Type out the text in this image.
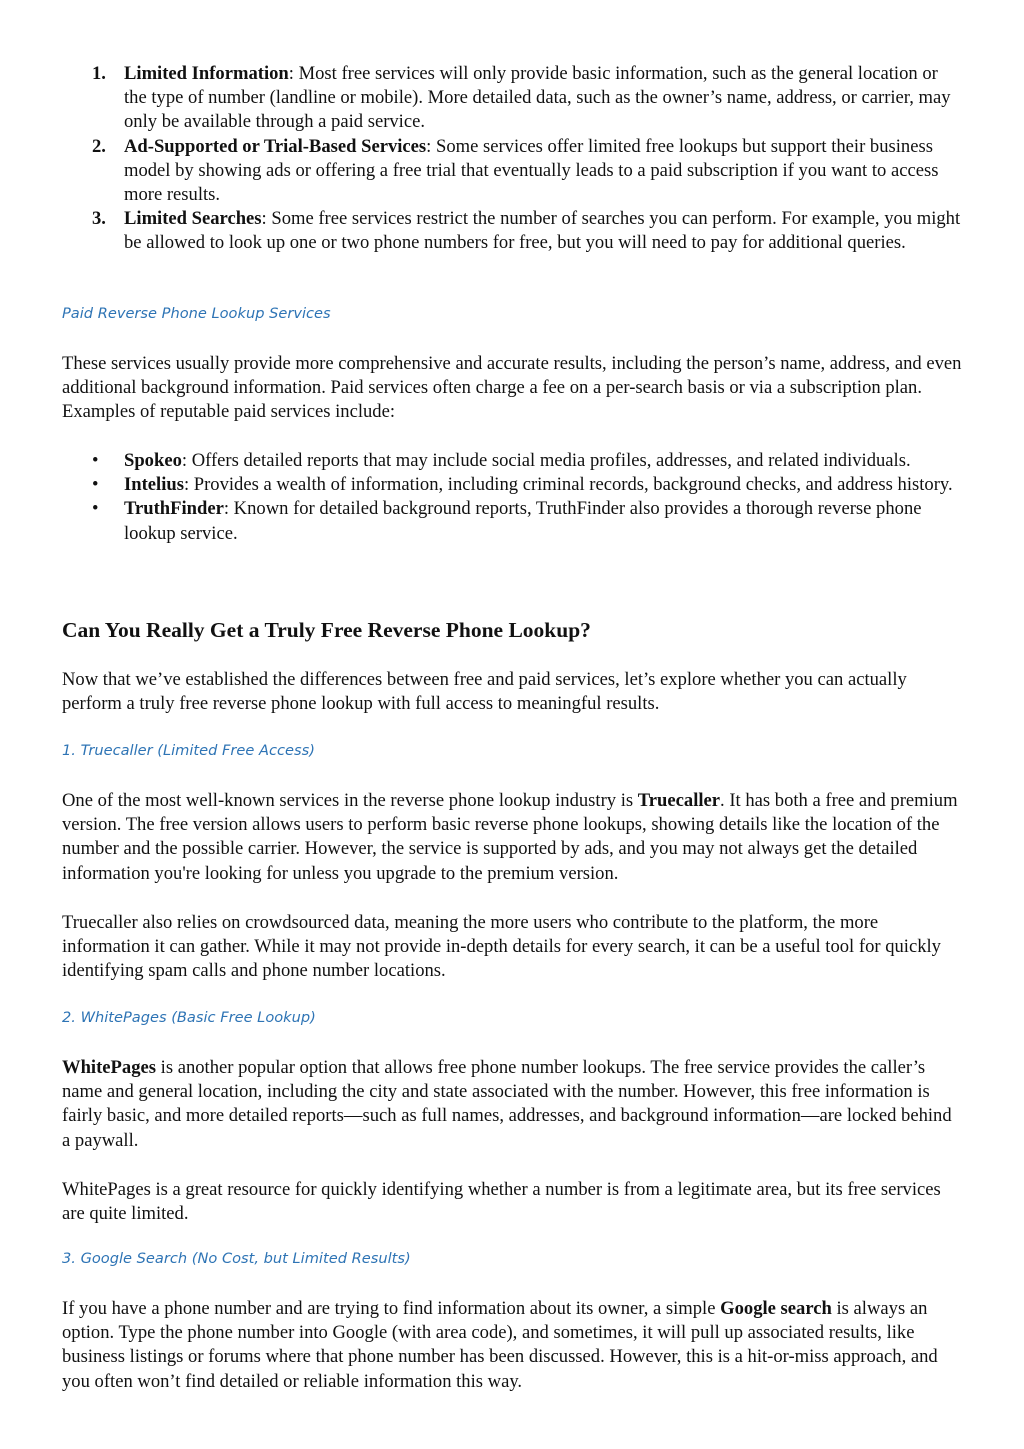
1. Limited Information: Most free services will only provide basic information, such as the general location or the type of number (landline or mobile). More detailed data, such as the owner’s name, address, or carrier, may only be available through a paid service.
2. Ad-Supported or Trial-Based Services: Some services offer limited free lookups but support their business model by showing ads or offering a free trial that eventually leads to a paid subscription if you want to access more results.
3. Limited Searches: Some free services restrict the number of searches you can perform. For example, you might be allowed to look up one or two phone numbers for free, but you will need to pay for additional queries.

Paid Reverse Phone Lookup Services

These services usually provide more comprehensive and accurate results, including the person’s name, address, and even additional background information. Paid services often charge a fee on a per-search basis or via a subscription plan. Examples of reputable paid services include:

• Spokeo: Offers detailed reports that may include social media profiles, addresses, and related individuals.
• Intelius: Provides a wealth of information, including criminal records, background checks, and address history.
• TruthFinder: Known for detailed background reports, TruthFinder also provides a thorough reverse phone lookup service.
Can You Really Get a Truly Free Reverse Phone Lookup?

Now that we’ve established the differences between free and paid services, let’s explore whether you can actually perform a truly free reverse phone lookup with full access to meaningful results.

1. Truecaller (Limited Free Access)

One of the most well-known services in the reverse phone lookup industry is Truecaller. It has both a free and premium version. The free version allows users to perform basic reverse phone lookups, showing details like the location of the number and the possible carrier. However, the service is supported by ads, and you may not always get the detailed information you're looking for unless you upgrade to the premium version.

Truecaller also relies on crowdsourced data, meaning the more users who contribute to the platform, the more information it can gather. While it may not provide in-depth details for every search, it can be a useful tool for quickly identifying spam calls and phone number locations.

2. WhitePages (Basic Free Lookup)

WhitePages is another popular option that allows free phone number lookups. The free service provides the caller’s name and general location, including the city and state associated with the number. However, this free information is fairly basic, and more detailed reports—such as full names, addresses, and background information—are locked behind a paywall.

WhitePages is a great resource for quickly identifying whether a number is from a legitimate area, but its free services are quite limited.

3. Google Search (No Cost, but Limited Results)

If you have a phone number and are trying to find information about its owner, a simple Google search is always an option. Type the phone number into Google (with area code), and sometimes, it will pull up associated results, like business listings or forums where that phone number has been discussed. However, this is a hit-or-miss approach, and you often won’t find detailed or reliable information this way.
